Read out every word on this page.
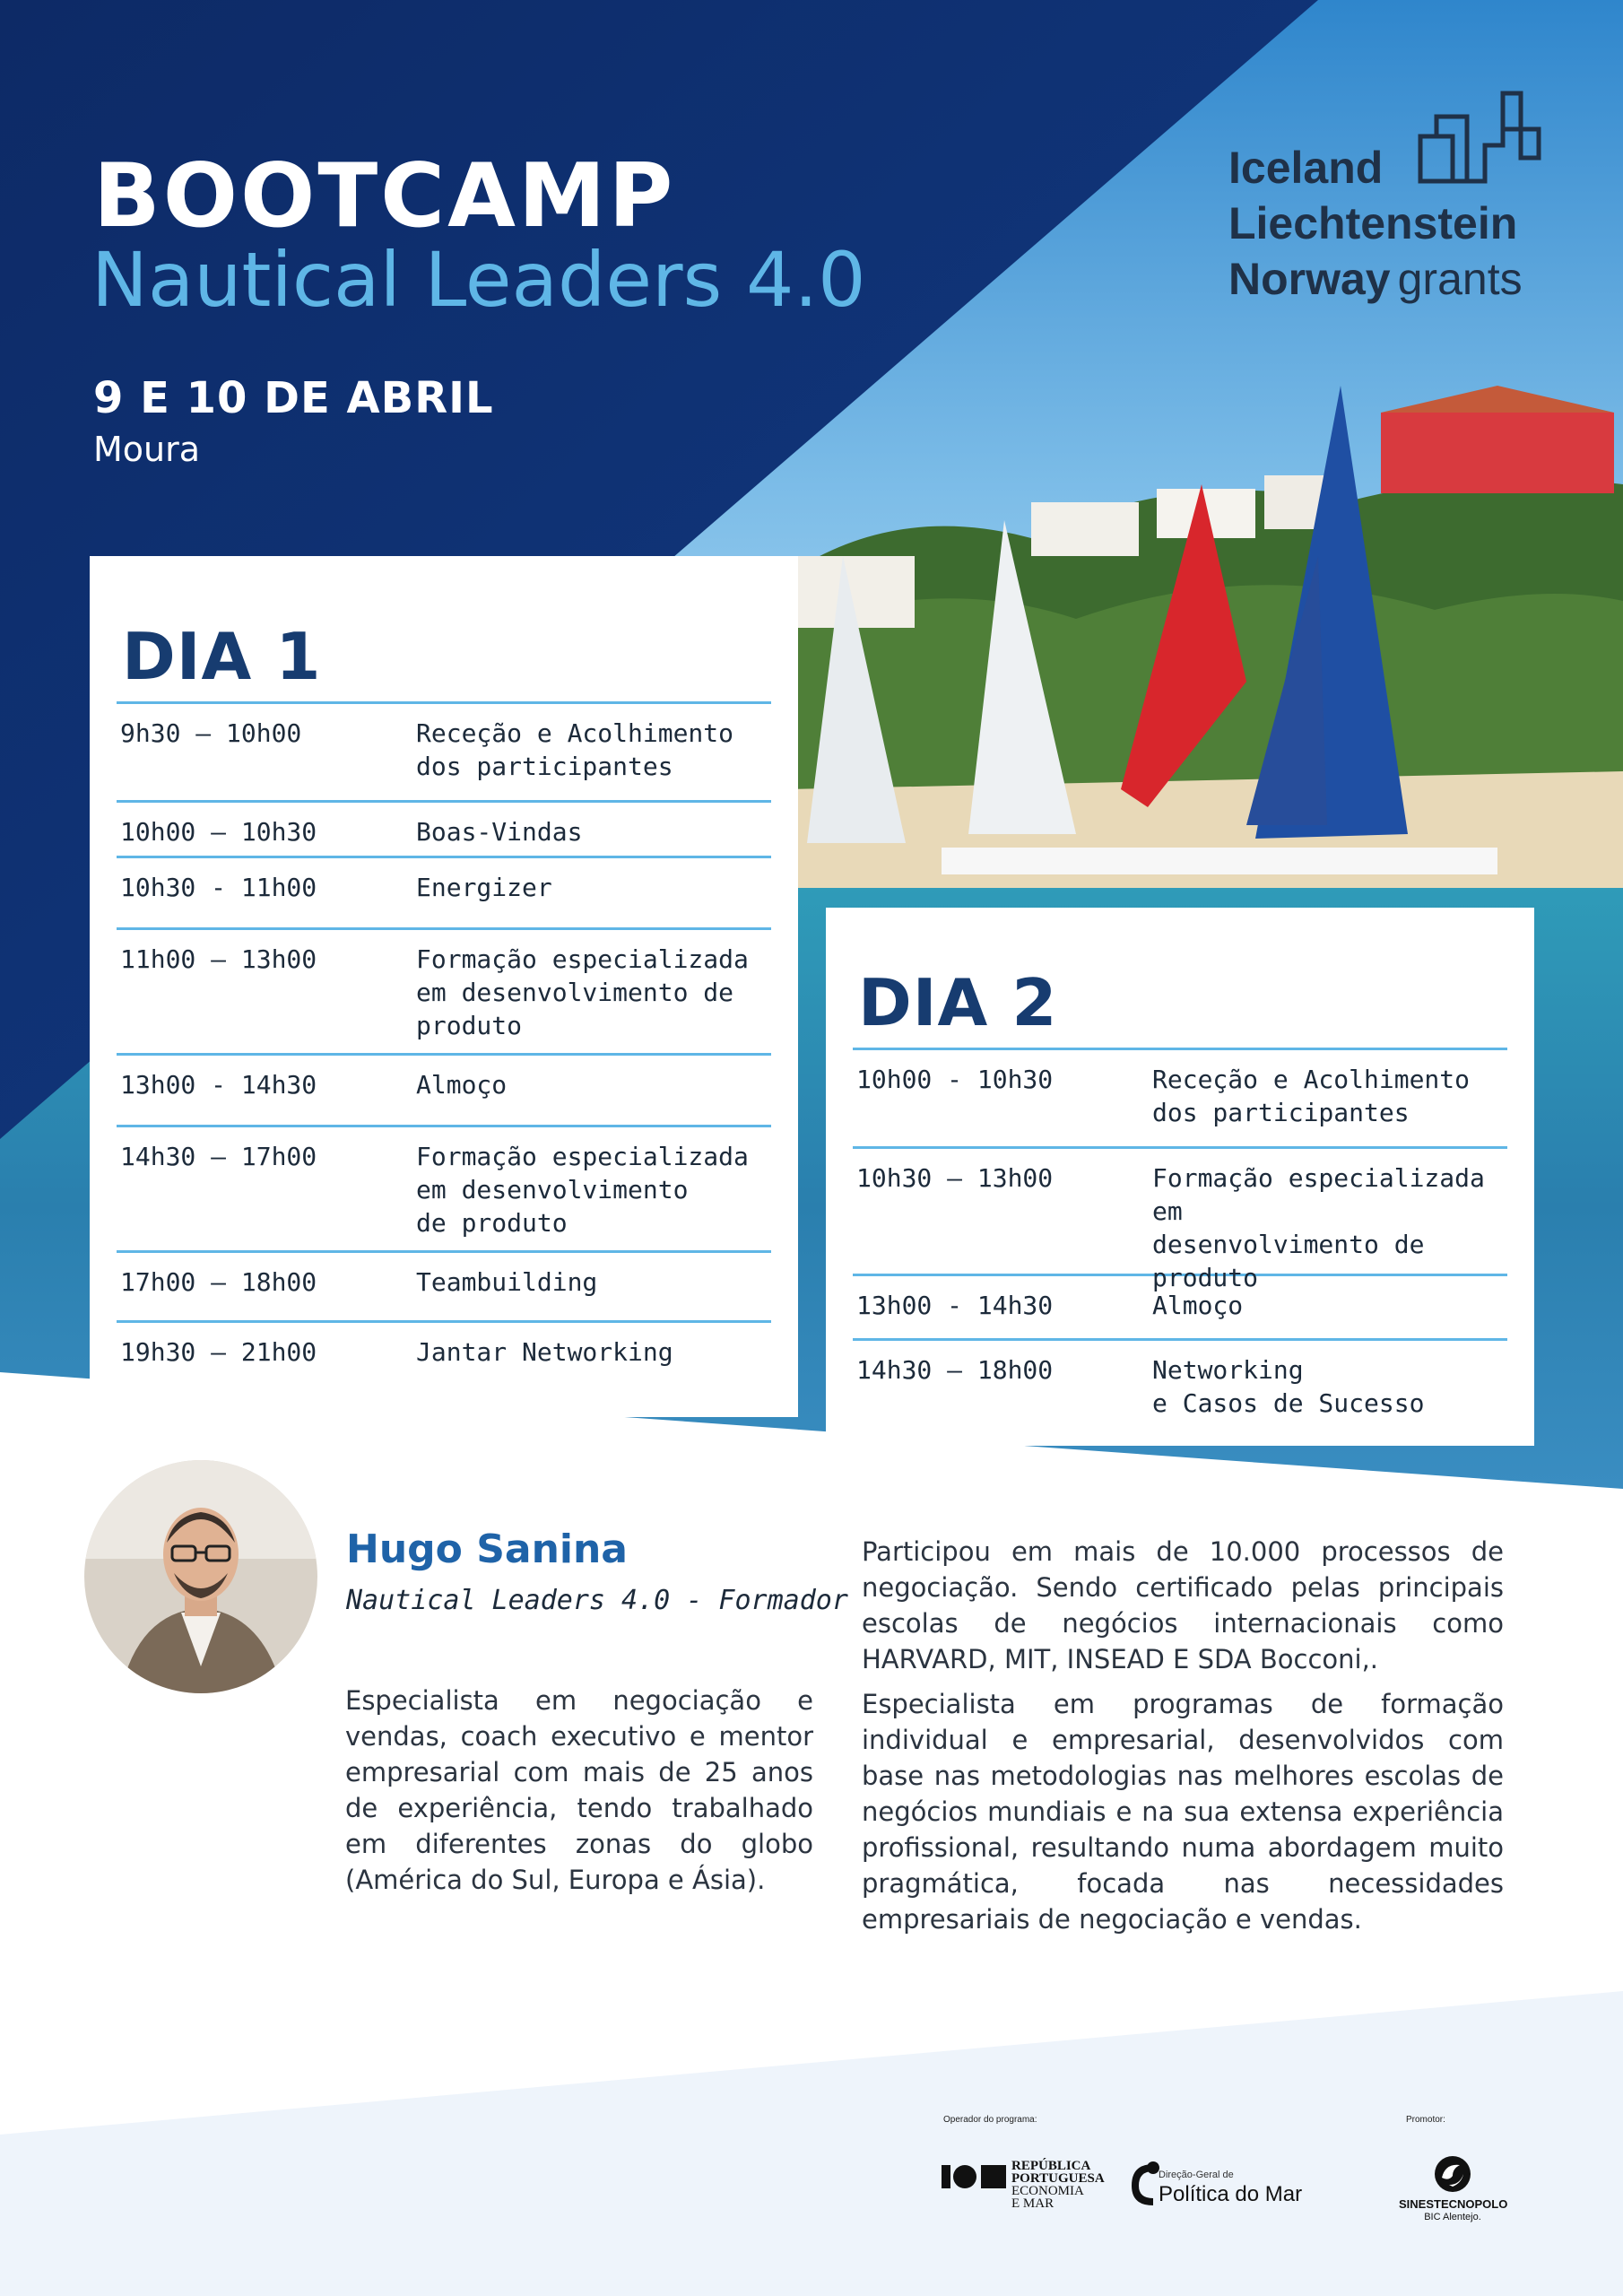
BOOTCAMP
Nautical Leaders 4.0
9 E 10 DE ABRIL
Moura
Iceland
Liechtenstein
Norway grants
DIA 1
9h30 – 10h00	Receção e Acolhimento
dos participantes
10h00 – 10h30	Boas-Vindas
10h30 - 11h00	Energizer
11h00 – 13h00	Formação especializada
em desenvolvimento de
produto
13h00 - 14h30	Almoço
14h30 – 17h00	Formação especializada
em desenvolvimento
de produto
17h00 – 18h00	Teambuilding
19h30 – 21h00	Jantar Networking
DIA 2
10h00 - 10h30	Receção e Acolhimento
dos participantes
10h30 – 13h00	Formação especializada em
desenvolvimento de
produto
13h00 - 14h30	Almoço
14h30 – 18h00	Networking
e Casos de Sucesso
Hugo Sanina
Nautical Leaders 4.0 - Formador

Especialista em negociação e vendas, coach executivo e mentor empresarial com mais de 25 anos de experiência, tendo trabalhado em diferentes zonas do globo (América do Sul, Europa e Ásia).

Participou em mais de 10.000 processos de negociação. Sendo certificado pelas principais escolas de negócios internacionais como HARVARD, MIT, INSEAD E SDA Bocconi,.

Especialista em programas de formação individual e empresarial, desenvolvidos com base nas metodologias nas melhores escolas de negócios mundiais e na sua extensa experiência profissional, resultando numa abordagem muito pragmática, focada nas necessidades empresariais de negociação e vendas.

Operador do programa:	Promotor:
REPÚBLICA
PORTUGUESA
ECONOMIA
E MAR
Direção-Geral de
Política do Mar	SINESTECNOPOLO
BIC Alentejo.
